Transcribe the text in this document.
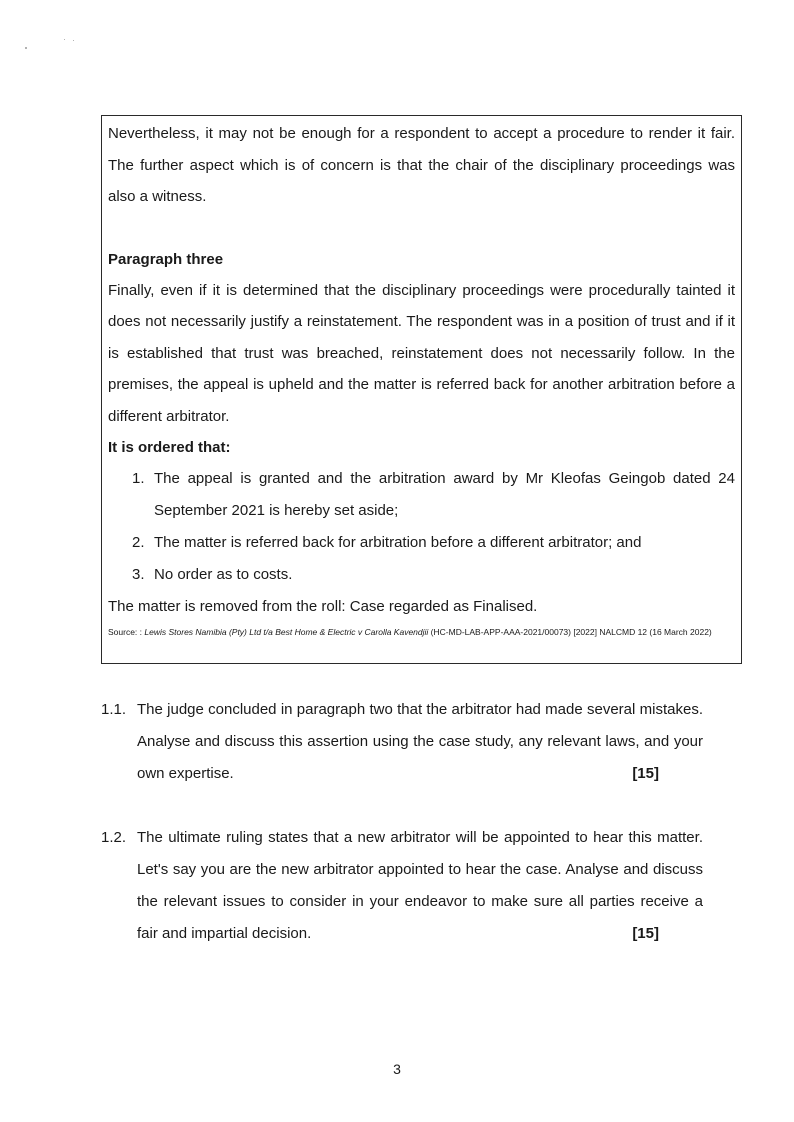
Nevertheless, it may not be enough for a respondent to accept a procedure to render it fair. The further aspect which is of concern is that the chair of the disciplinary proceedings was also a witness.

Paragraph three

Finally, even if it is determined that the disciplinary proceedings were procedurally tainted it does not necessarily justify a reinstatement. The respondent was in a position of trust and if it is established that trust was breached, reinstatement does not necessarily follow. In the premises, the appeal is upheld and the matter is referred back for another arbitration before a different arbitrator.

It is ordered that:

1. The appeal is granted and the arbitration award by Mr Kleofas Geingob dated 24 September 2021 is hereby set aside;
2. The matter is referred back for arbitration before a different arbitrator; and
3. No order as to costs.

The matter is removed from the roll: Case regarded as Finalised.

Source: : Lewis Stores Namibia (Pty) Ltd t/a Best Home & Electric v Carolla Kavendjii (HC-MD-LAB-APP-AAA-2021/00073) [2022] NALCMD 12 (16 March 2022)

1.1. The judge concluded in paragraph two that the arbitrator had made several mistakes. Analyse and discuss this assertion using the case study, any relevant laws, and your own expertise.	[15]
1.2. The ultimate ruling states that a new arbitrator will be appointed to hear this matter. Let's say you are the new arbitrator appointed to hear the case. Analyse and discuss the relevant issues to consider in your endeavor to make sure all parties receive a fair and impartial decision.	[15]
3
